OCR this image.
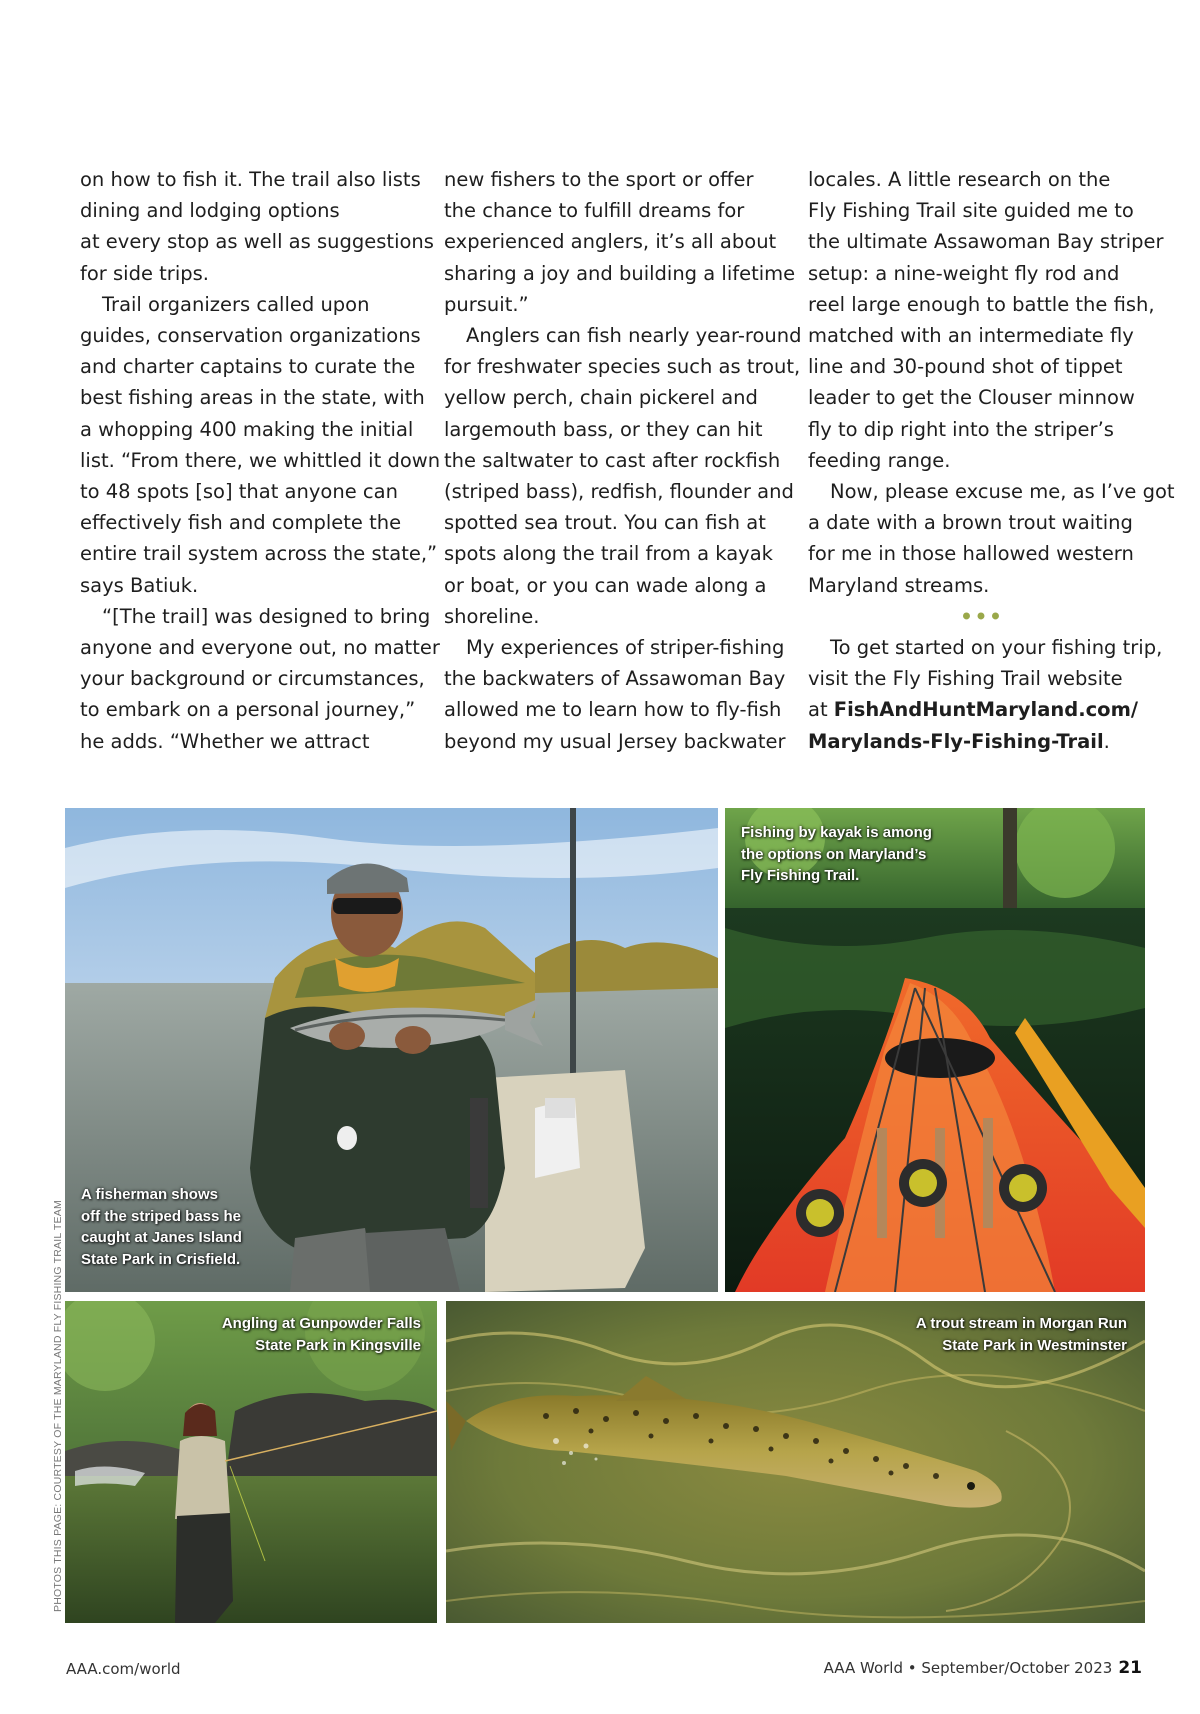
on how to fish it. The trail also lists

dining and lodging options

at every stop as well as suggestions

for side trips.

Trail organizers called upon

guides, conservation organizations

and charter captains to curate the

best fishing areas in the state, with

a whopping 400 making the initial

list. “From there, we whittled it down

to 48 spots [so] that anyone can

effectively fish and complete the

entire trail system across the state,”

says Batiuk.

“[The trail] was designed to bring

anyone and everyone out, no matter

your background or circumstances,

to embark on a personal journey,”

he adds. “Whether we attract

new fishers to the sport or offer

the chance to fulfill dreams for

experienced anglers, it’s all about

sharing a joy and building a lifetime

pursuit.”

Anglers can fish nearly year-round

for freshwater species such as trout,

yellow perch, chain pickerel and

largemouth bass, or they can hit

the saltwater to cast after rockfish

(striped bass), redfish, flounder and

spotted sea trout. You can fish at

spots along the trail from a kayak

or boat, or you can wade along a

shoreline.

My experiences of striper-fishing

the backwaters of Assawoman Bay

allowed me to learn how to fly-fish

beyond my usual Jersey backwater

locales. A little research on the

Fly Fishing Trail site guided me to

the ultimate Assawoman Bay striper

setup: a nine-weight fly rod and

reel large enough to battle the fish,

matched with an intermediate fly

line and 30-pound shot of tippet

leader to get the Clouser minnow

fly to dip right into the striper’s

feeding range.

Now, please excuse me, as I’ve got

a date with a brown trout waiting

for me in those hallowed western

Maryland streams.

•••

To get started on your fishing trip,

visit the Fly Fishing Trail website

at FishAndHuntMaryland.com/

Marylands-Fly-Fishing-Trail.

A fisherman shows
off the striped bass he
caught at Janes Island
State Park in Crisfield.
Fishing by kayak is among
the options on Maryland’s
Fly Fishing Trail.
Angling at Gunpowder Falls
State Park in Kingsville
A trout stream in Morgan Run
State Park in Westminster
PHOTOS THIS PAGE: COURTESY OF THE MARYLAND FLY FISHING TRAIL TEAM
AAA.com/world	AAA World • September/October 2023 21
